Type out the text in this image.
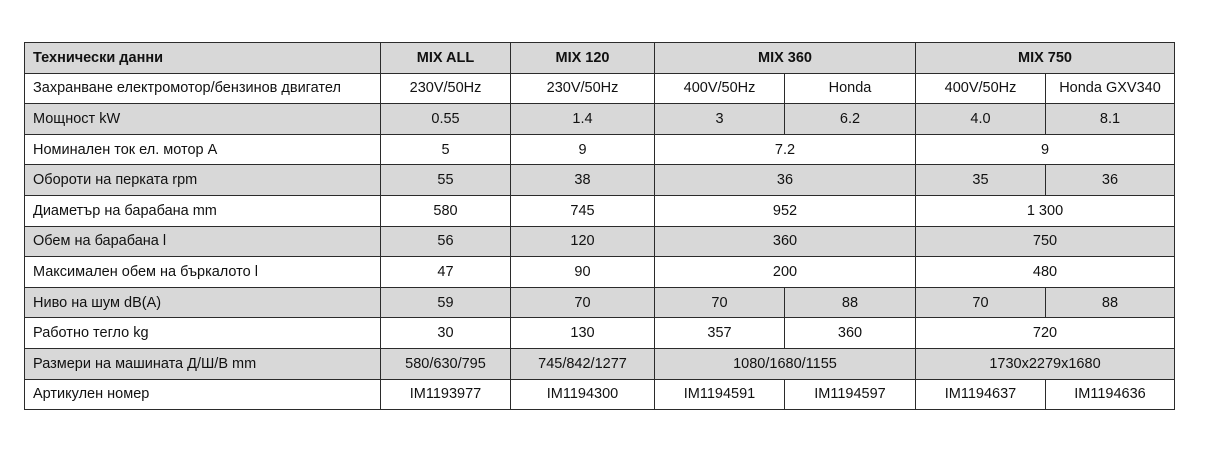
Технически данни	MIX ALL	MIX 120	MIX 360		MIX 750	
Захранване електромотор/бензинов двигател	230V/50Hz	230V/50Hz	400V/50Hz	Honda	400V/50Hz	Honda GXV340
Мощност kW	0.55	1.4	3	6.2	4.0	8.1
Номинален ток ел. мотор А	5	9	7.2		9	
Обороти на перката rpm	55	38	36		35	36
Диаметър на барабана mm	580	745	952		1 300	
Обем на барабана l	56	120	360		750	
Максимален обем на бъркалото l	47	90	200		480	
Ниво на шум dB(A)	59	70	70	88	70	88
Работно тегло kg	30	130	357	360	720	
Размери на машината Д/Ш/В mm	580/630/795	745/842/1277	1080/1680/1155		1730x2279x1680	
Артикулен номер	IM1193977	IM1194300	IM1194591	IM1194597	IM1194637	IM1194636
